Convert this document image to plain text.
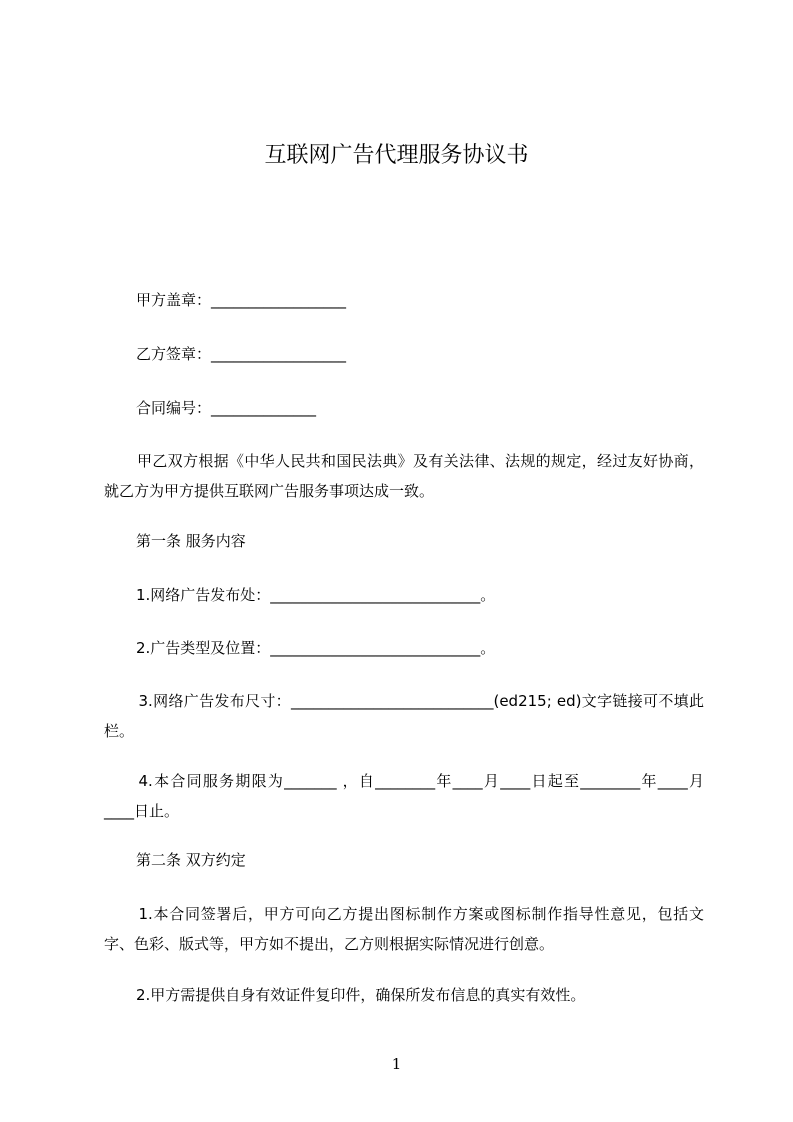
互联网广告代理服务协议书
甲方盖章：__________________
乙方签章：__________________
合同编号：______________
甲乙双方根据《中华人民共和国民法典》及有关法律、法规的规定，经过友好协商，就乙方为甲方提供互联网广告服务事项达成一致。
第一条 服务内容
1.网络广告发布处：____________________________。
2.广告类型及位置：____________________________。
3.网络广告发布尺寸：___________________________(ed215; ed)文字链接可不填此栏。
4.本合同服务期限为_______ ，自________年____月____日起至________年____月____日止。
第二条 双方约定
1.本合同签署后，甲方可向乙方提出图标制作方案或图标制作指导性意见，包括文字、色彩、版式等，甲方如不提出，乙方则根据实际情况进行创意。
2.甲方需提供自身有效证件复印件，确保所发布信息的真实有效性。
1
